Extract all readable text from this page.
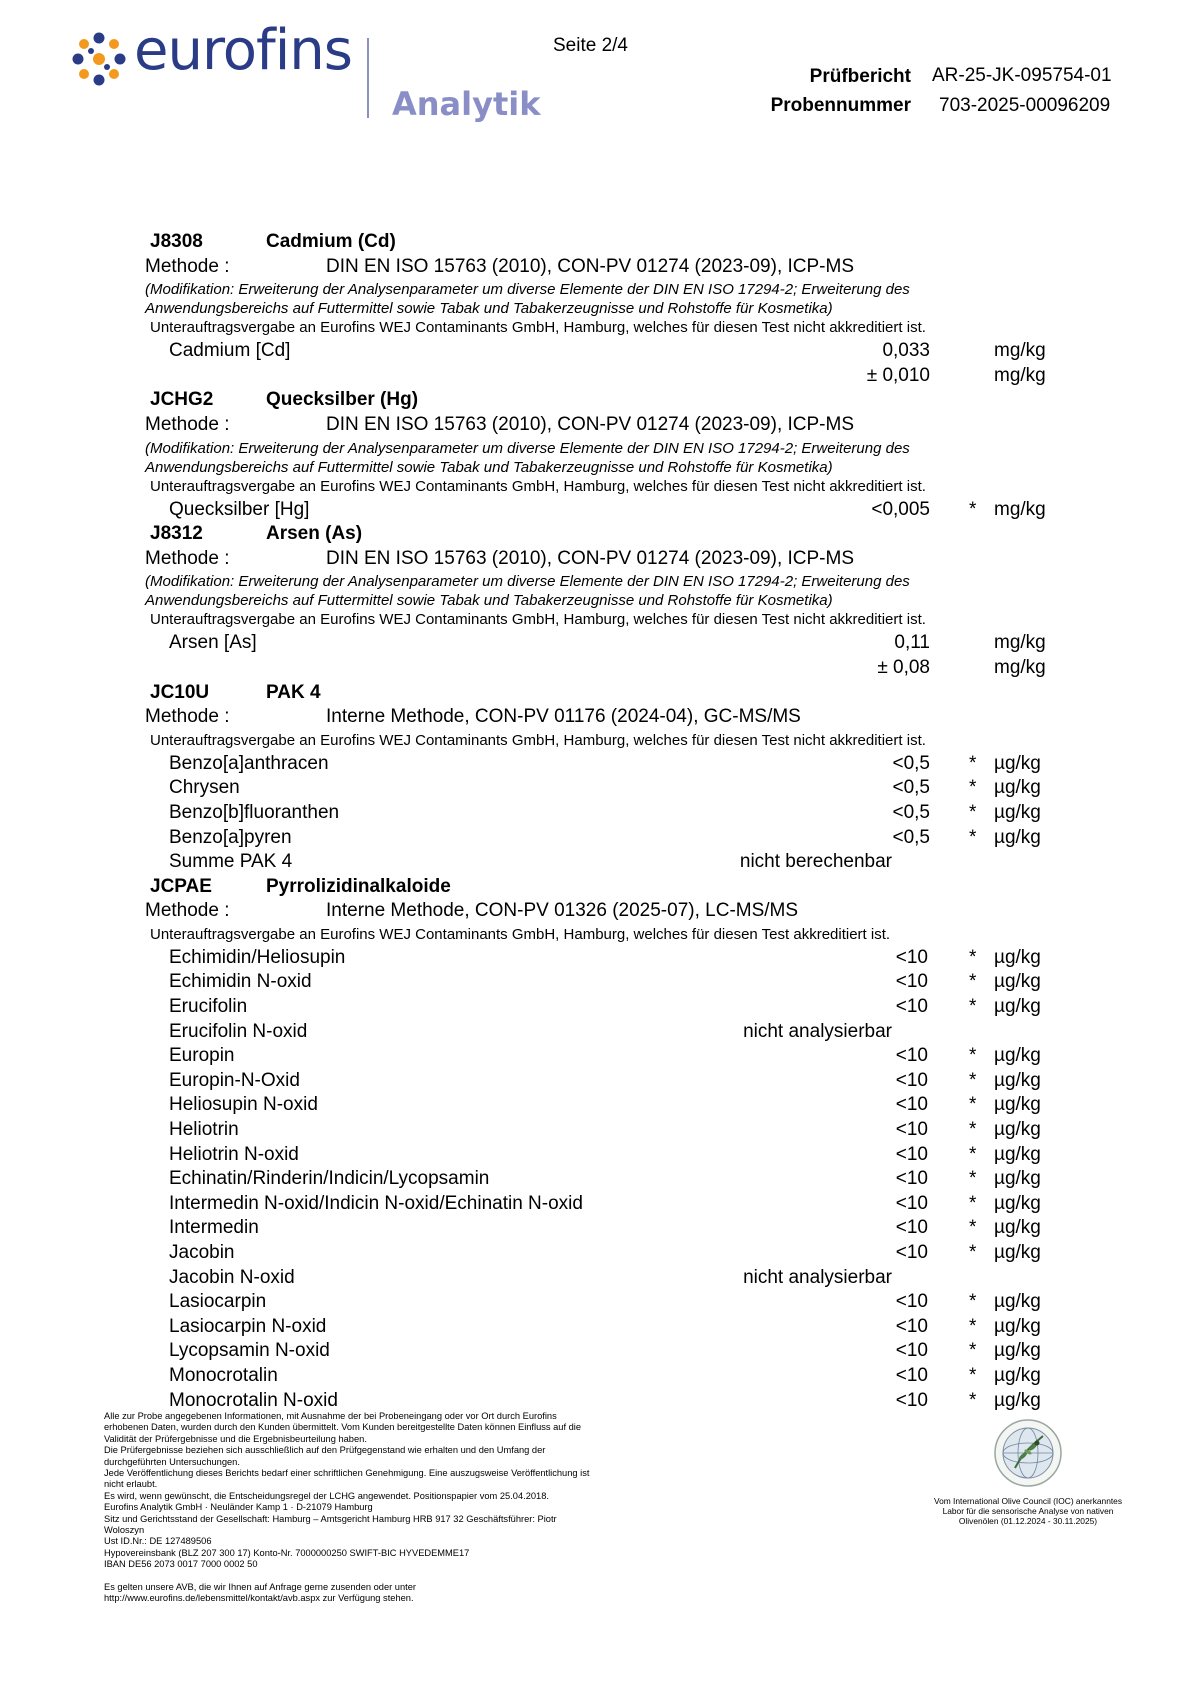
eurofins
Analytik
Seite 2/4
Prüfbericht AR-25-JK-095754-01
Probennummer 703-2025-00096209
J8308	Cadmium (Cd)
Methode :	DIN EN ISO 15763 (2010), CON-PV 01274 (2023-09), ICP-MS
(Modifikation: Erweiterung der Analysenparameter um diverse Elemente der DIN EN ISO 17294-2; Erweiterung des
Anwendungsbereichs auf Futtermittel sowie Tabak und Tabakerzeugnisse und Rohstoffe für Kosmetika)
Unterauftragsvergabe an Eurofins WEJ Contaminants GmbH, Hamburg, welches für diesen Test nicht akkreditiert ist.
Cadmium [Cd]	0,033	mg/kg
± 0,010	mg/kg
JCHG2	Quecksilber (Hg)
Methode :	DIN EN ISO 15763 (2010), CON-PV 01274 (2023-09), ICP-MS
(Modifikation: Erweiterung der Analysenparameter um diverse Elemente der DIN EN ISO 17294-2; Erweiterung des
Anwendungsbereichs auf Futtermittel sowie Tabak und Tabakerzeugnisse und Rohstoffe für Kosmetika)
Unterauftragsvergabe an Eurofins WEJ Contaminants GmbH, Hamburg, welches für diesen Test nicht akkreditiert ist.
Quecksilber [Hg]	<0,005 * mg/kg
J8312	Arsen (As)
Methode :	DIN EN ISO 15763 (2010), CON-PV 01274 (2023-09), ICP-MS
(Modifikation: Erweiterung der Analysenparameter um diverse Elemente der DIN EN ISO 17294-2; Erweiterung des
Anwendungsbereichs auf Futtermittel sowie Tabak und Tabakerzeugnisse und Rohstoffe für Kosmetika)
Unterauftragsvergabe an Eurofins WEJ Contaminants GmbH, Hamburg, welches für diesen Test nicht akkreditiert ist.
Arsen [As]	0,11	mg/kg
± 0,08	mg/kg
JC10U	PAK 4
Methode :	Interne Methode, CON-PV 01176 (2024-04), GC-MS/MS
Unterauftragsvergabe an Eurofins WEJ Contaminants GmbH, Hamburg, welches für diesen Test nicht akkreditiert ist.
Benzo[a]anthracen	<0,5 * µg/kg
Chrysen	<0,5 * µg/kg
Benzo[b]fluoranthen	<0,5 * µg/kg
Benzo[a]pyren	<0,5 * µg/kg
Summe PAK 4	nicht berechenbar
JCPAE	Pyrrolizidinalkaloide
Methode :	Interne Methode, CON-PV 01326 (2025-07), LC-MS/MS
Unterauftragsvergabe an Eurofins WEJ Contaminants GmbH, Hamburg, welches für diesen Test akkreditiert ist.
Echimidin/Heliosupin	<10 * µg/kg
Echimidin N-oxid	<10 * µg/kg
Erucifolin	<10 * µg/kg
Erucifolin N-oxid	nicht analysierbar
Europin	<10 * µg/kg
Europin-N-Oxid	<10 * µg/kg
Heliosupin N-oxid	<10 * µg/kg
Heliotrin	<10 * µg/kg
Heliotrin N-oxid	<10 * µg/kg
Echinatin/Rinderin/Indicin/Lycopsamin	<10 * µg/kg
Intermedin N-oxid/Indicin N-oxid/Echinatin N-oxid	<10 * µg/kg
Intermedin	<10 * µg/kg
Jacobin	<10 * µg/kg
Jacobin N-oxid	nicht analysierbar
Lasiocarpin	<10 * µg/kg
Lasiocarpin N-oxid	<10 * µg/kg
Lycopsamin N-oxid	<10 * µg/kg
Monocrotalin	<10 * µg/kg
Monocrotalin N-oxid	<10 * µg/kg

Alle zur Probe angegebenen Informationen, mit Ausnahme der bei Probeneingang oder vor Ort durch Eurofins

erhobenen Daten, wurden durch den Kunden übermittelt. Vom Kunden bereitgestellte Daten können Einfluss auf die

Validität der Prüfergebnisse und die Ergebnisbeurteilung haben.

Die Prüfergebnisse beziehen sich ausschließlich auf den Prüfgegenstand wie erhalten und den Umfang der

durchgeführten Untersuchungen.

Jede Veröffentlichung dieses Berichts bedarf einer schriftlichen Genehmigung. Eine auszugsweise Veröffentlichung ist

nicht erlaubt.

Es wird, wenn gewünscht, die Entscheidungsregel der LCHG angewendet. Positionspapier vom 25.04.2018.

Eurofins Analytik GmbH · Neuländer Kamp 1 · D-21079 Hamburg

Sitz und Gerichtsstand der Gesellschaft: Hamburg – Amtsgericht Hamburg HRB 917 32 Geschäftsführer: Piotr

Woloszyn

Ust ID.Nr.: DE 127489506

Hypovereinsbank (BLZ 207 300 17) Konto-Nr. 7000000250 SWIFT-BIC HYVEDEMME17

IBAN DE56 2073 0017 7000 0002 50

Es gelten unsere AVB, die wir Ihnen auf Anfrage gerne zusenden oder unter

http://www.eurofins.de/lebensmittel/kontakt/avb.aspx zur Verfügung stehen.

Vom International Olive Council (IOC) anerkanntes
Labor für die sensorische Analyse von nativen
Olivenölen (01.12.2024 - 30.11.2025)
